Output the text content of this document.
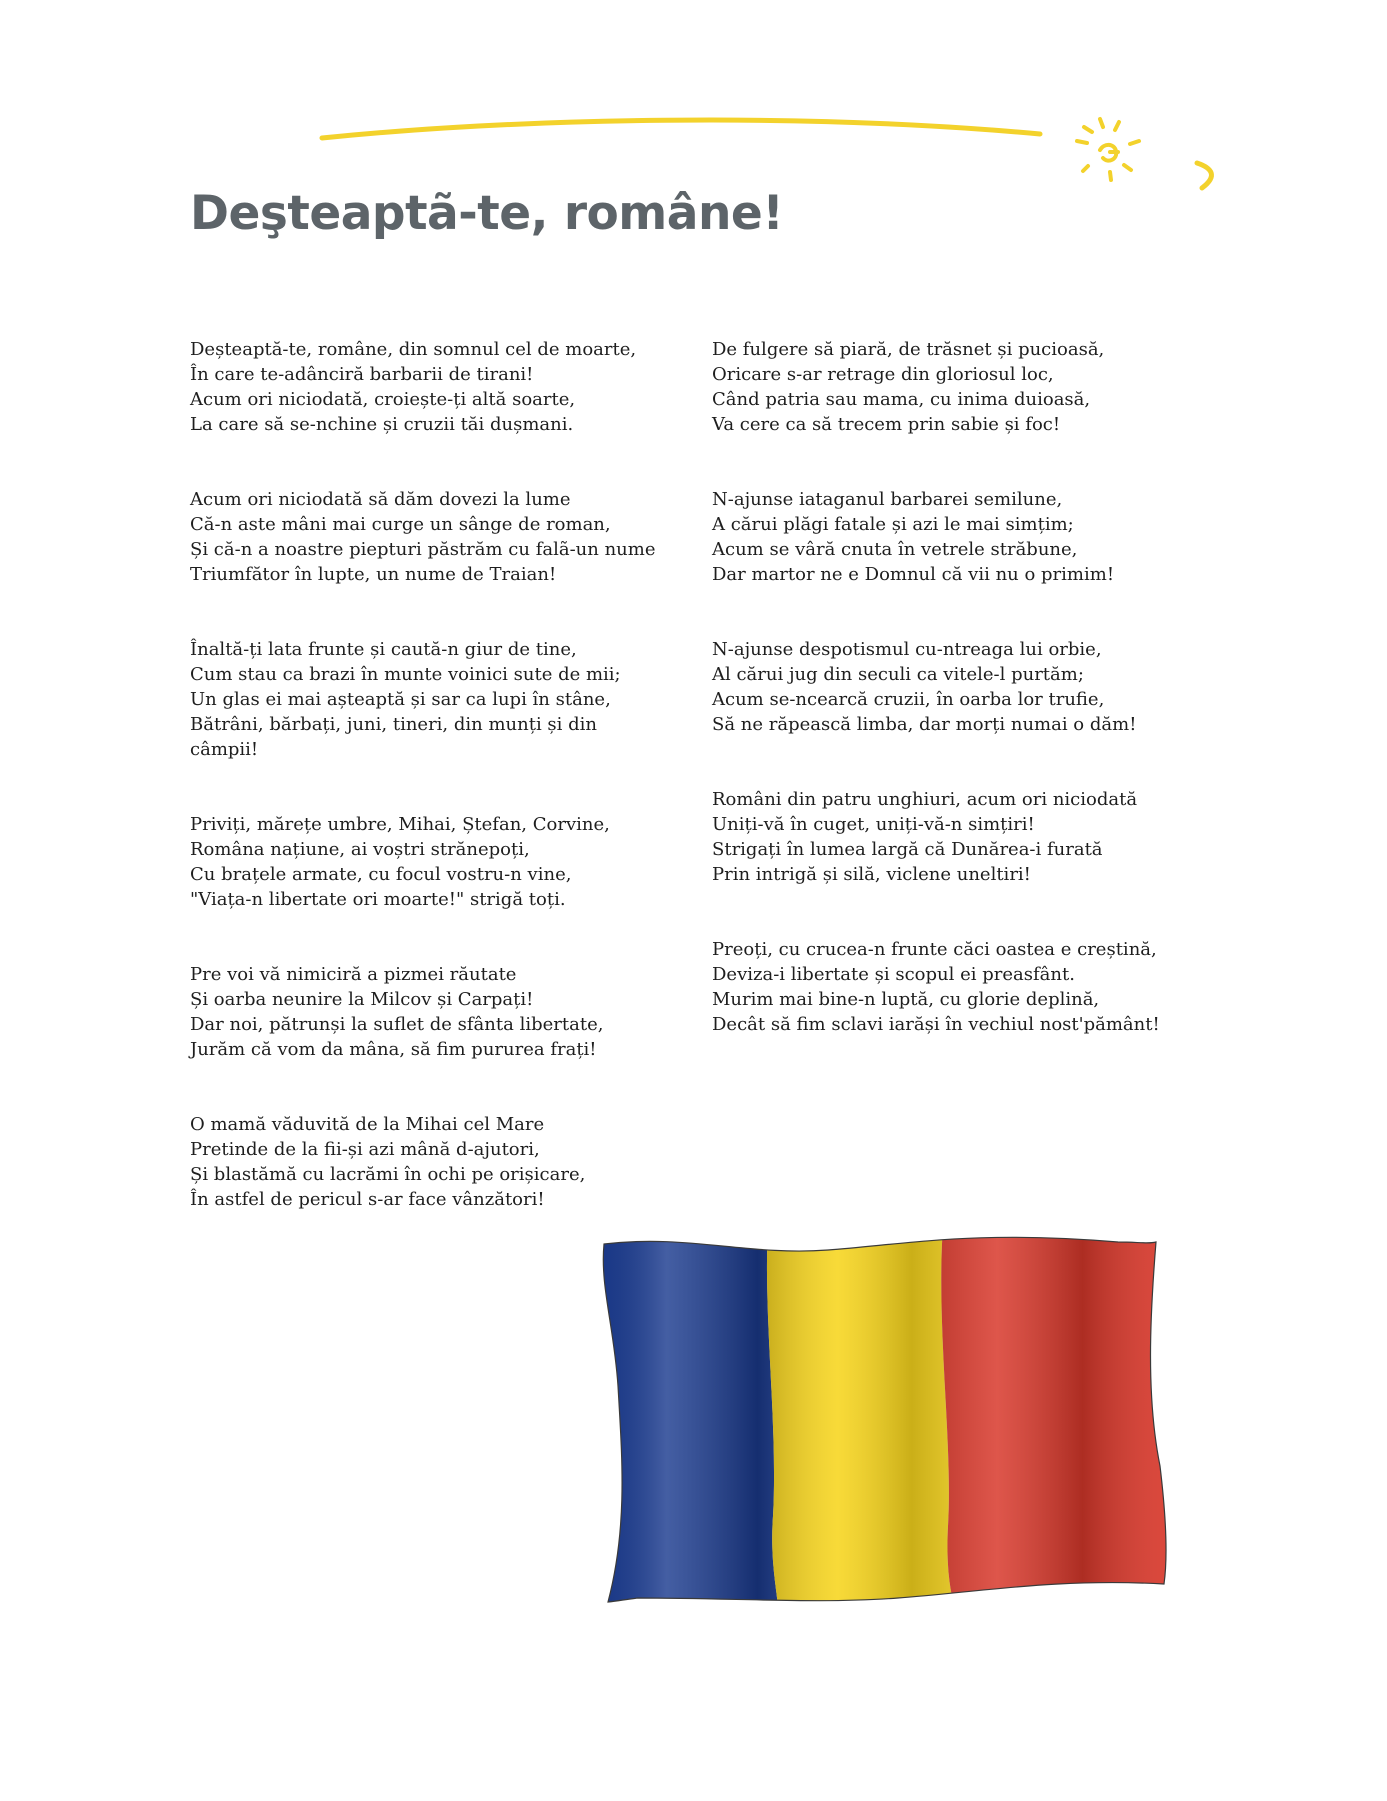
Deşteaptã-te, române!

Deșteaptă-te, române, din somnul cel de moarte,
În care te-adânciră barbarii de tirani!
Acum ori niciodată, croiește-ți altă soarte,
La care să se-nchine și cruzii tăi dușmani.

Acum ori niciodată să dăm dovezi la lume
Că-n aste mâni mai curge un sânge de roman,
Și că-n a noastre piepturi păstrăm cu falã-un nume
Triumfător în lupte, un nume de Traian!

Înaltă-ți lata frunte și caută-n giur de tine,
Cum stau ca brazi în munte voinici sute de mii;
Un glas ei mai așteaptă și sar ca lupi în stâne,
Bătrâni, bărbați, juni, tineri, din munți și din câmpii!

Priviți, mărețe umbre, Mihai, Ștefan, Corvine,
Româna națiune, ai voștri strănepoți,
Cu brațele armate, cu focul vostru-n vine,
"Viața-n libertate ori moarte!" strigă toți.

Pre voi vă nimiciră a pizmei răutate
Și oarba neunire la Milcov și Carpați!
Dar noi, pătrunși la suflet de sfânta libertate,
Jurăm că vom da mâna, să fim pururea frați!

O mamă văduvită de la Mihai cel Mare
Pretinde de la fii-și azi mână d-ajutori,
Și blastămă cu lacrămi în ochi pe orișicare,
În astfel de pericul s-ar face vânzători!

De fulgere să piară, de trăsnet și pucioasă,
Oricare s-ar retrage din gloriosul loc,
Când patria sau mama, cu inima duioasă,
Va cere ca să trecem prin sabie și foc!

N-ajunse iataganul barbarei semilune,
A cărui plăgi fatale și azi le mai simțim;
Acum se vâră cnuta în vetrele străbune,
Dar martor ne e Domnul că vii nu o primim!

N-ajunse despotismul cu-ntreaga lui orbie,
Al cărui jug din seculi ca vitele-l purtăm;
Acum se-ncearcă cruzii, în oarba lor trufie,
Să ne răpească limba, dar morți numai o dăm!

Români din patru unghiuri, acum ori niciodată
Uniți-vă în cuget, uniți-vă-n simțiri!
Strigați în lumea largă că Dunărea-i furată
Prin intrigă și silă, viclene uneltiri!

Preoți, cu crucea-n frunte căci oastea e creștină,
Deviza-i libertate și scopul ei preasfânt.
Murim mai bine-n luptă, cu glorie deplină,
Decât să fim sclavi iarăși în vechiul nost'pământ!
